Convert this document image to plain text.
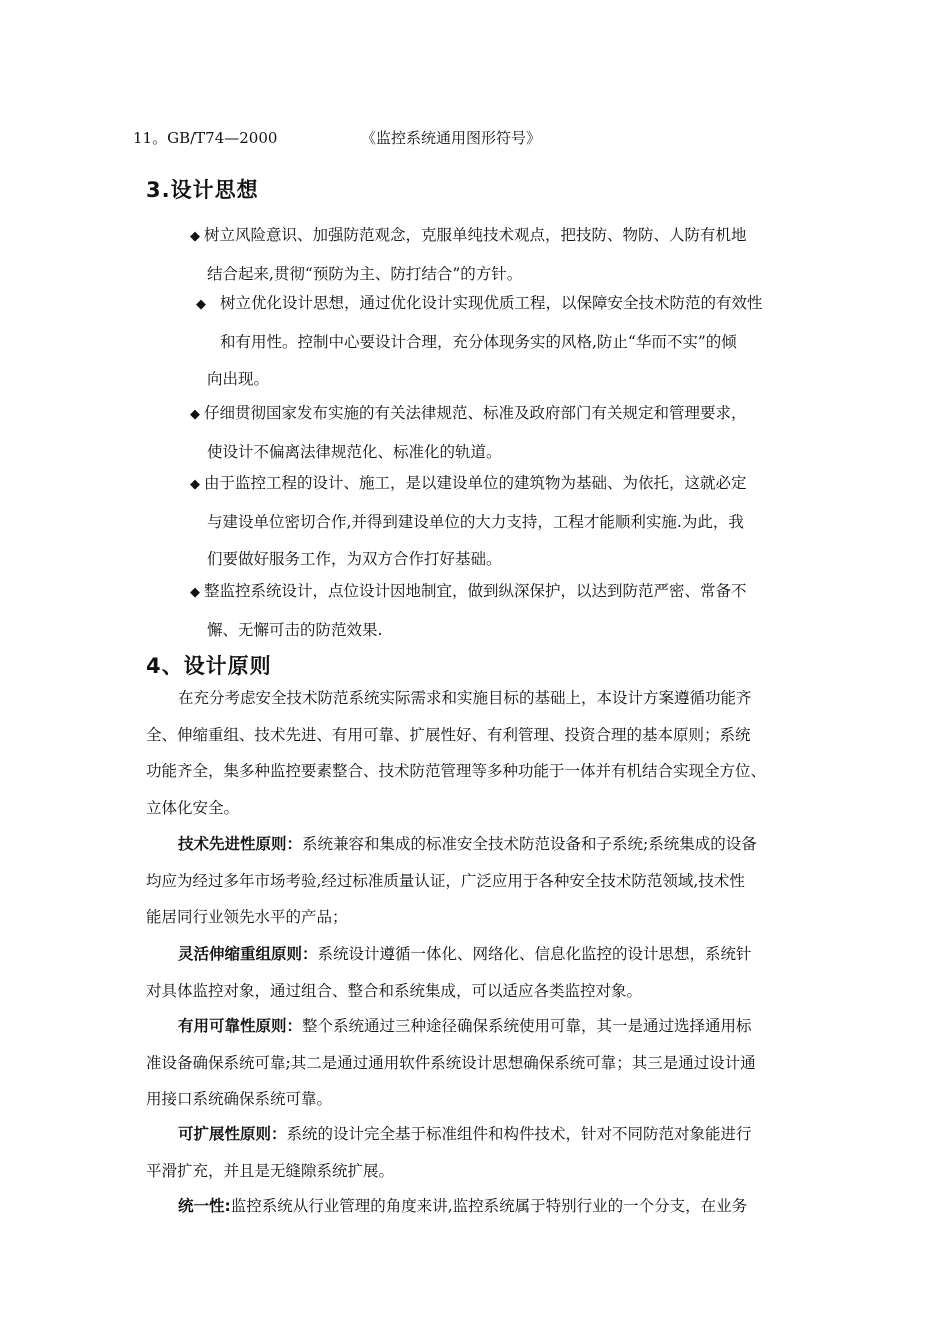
11。GB/T74—2000	《监控系统通用图形符号》
3.设计思想
◆ 树立风险意识、加强防范观念，克服单纯技术观点，把技防、物防、人防有机地
结合起来,贯彻“预防为主、防打结合”的方针。
◆ 树立优化设计思想，通过优化设计实现优质工程，以保障安全技术防范的有效性
和有用性。控制中心要设计合理，充分体现务实的风格,防止“华而不实”的倾
向出现。
◆ 仔细贯彻国家发布实施的有关法律规范、标准及政府部门有关规定和管理要求，
使设计不偏离法律规范化、标准化的轨道。
◆ 由于监控工程的设计、施工，是以建设单位的建筑物为基础、为依托，这就必定
与建设单位密切合作,并得到建设单位的大力支持，工程才能顺利实施.为此，我
们要做好服务工作，为双方合作打好基础。
◆ 整监控系统设计，点位设计因地制宜，做到纵深保护，以达到防范严密、常备不
懈、无懈可击的防范效果.
4、设计原则
在充分考虑安全技术防范系统实际需求和实施目标的基础上，本设计方案遵循功能齐
全、伸缩重组、技术先进、有用可靠、扩展性好、有利管理、投资合理的基本原则；系统
功能齐全，集多种监控要素整合、技术防范管理等多种功能于一体并有机结合实现全方位、
立体化安全。
技术先进性原则：系统兼容和集成的标准安全技术防范设备和子系统;系统集成的设备
均应为经过多年市场考验,经过标准质量认证，广泛应用于各种安全技术防范领域,技术性
能居同行业领先水平的产品；
灵活伸缩重组原则：系统设计遵循一体化、网络化、信息化监控的设计思想，系统针
对具体监控对象，通过组合、整合和系统集成，可以适应各类监控对象。
有用可靠性原则：整个系统通过三种途径确保系统使用可靠，其一是通过选择通用标
准设备确保系统可靠;其二是通过通用软件系统设计思想确保系统可靠；其三是通过设计通
用接口系统确保系统可靠。
可扩展性原则：系统的设计完全基于标准组件和构件技术，针对不同防范对象能进行
平滑扩充，并且是无缝隙系统扩展。
统一性:监控系统从行业管理的角度来讲,监控系统属于特别行业的一个分支，在业务
